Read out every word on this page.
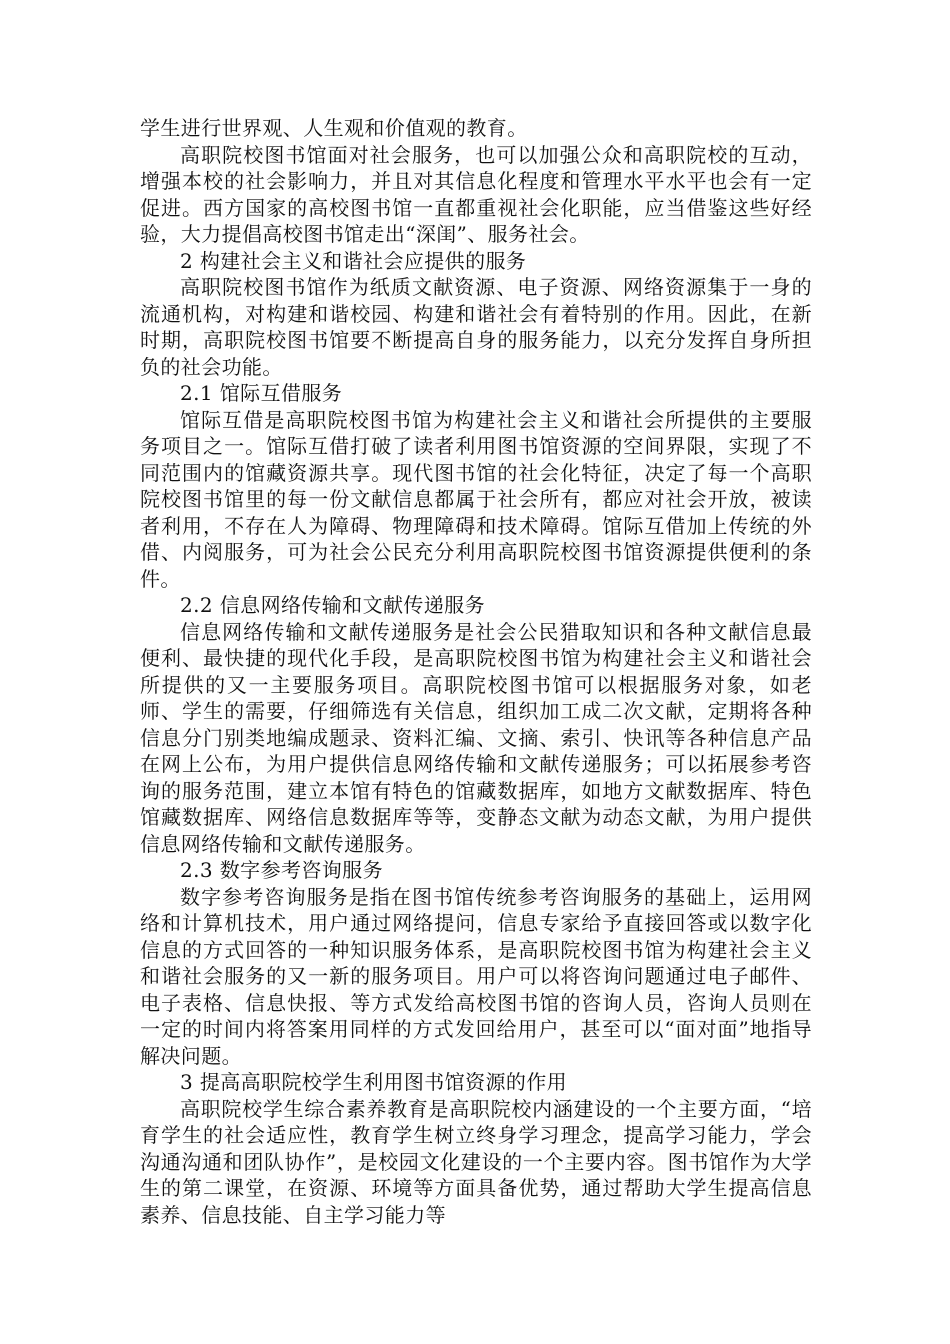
学生进行世界观、人生观和价值观的教育。

高职院校图书馆面对社会服务，也可以加强公众和高职院校的互动，增强本校的社会影响力，并且对其信息化程度和管理水平水平也会有一定促进。西方国家的高校图书馆一直都重视社会化职能，应当借鉴这些好经验，大力提倡高校图书馆走出“深闺”、服务社会。

2 构建社会主义和谐社会应提供的服务

高职院校图书馆作为纸质文献资源、电子资源、网络资源集于一身的流通机构，对构建和谐校园、构建和谐社会有着特别的作用。因此，在新时期，高职院校图书馆要不断提高自身的服务能力，以充分发挥自身所担负的社会功能。

2.1 馆际互借服务

馆际互借是高职院校图书馆为构建社会主义和谐社会所提供的主要服务项目之一。馆际互借打破了读者利用图书馆资源的空间界限，实现了不同范围内的馆藏资源共享。现代图书馆的社会化特征，决定了每一个高职院校图书馆里的每一份文献信息都属于社会所有，都应对社会开放，被读者利用，不存在人为障碍、物理障碍和技术障碍。馆际互借加上传统的外借、内阅服务，可为社会公民充分利用高职院校图书馆资源提供便利的条件。

2.2 信息网络传输和文献传递服务

信息网络传输和文献传递服务是社会公民猎取知识和各种文献信息最便利、最快捷的现代化手段，是高职院校图书馆为构建社会主义和谐社会所提供的又一主要服务项目。高职院校图书馆可以根据服务对象，如老师、学生的需要，仔细筛选有关信息，组织加工成二次文献，定期将各种信息分门别类地编成题录、资料汇编、文摘、索引、快讯等各种信息产品在网上公布，为用户提供信息网络传输和文献传递服务；可以拓展参考咨询的服务范围，建立本馆有特色的馆藏数据库，如地方文献数据库、特色馆藏数据库、网络信息数据库等等，变静态文献为动态文献，为用户提供信息网络传输和文献传递服务。

2.3 数字参考咨询服务

数字参考咨询服务是指在图书馆传统参考咨询服务的基础上，运用网络和计算机技术，用户通过网络提问，信息专家给予直接回答或以数字化信息的方式回答的一种知识服务体系，是高职院校图书馆为构建社会主义和谐社会服务的又一新的服务项目。用户可以将咨询问题通过电子邮件、电子表格、信息快报、等方式发给高校图书馆的咨询人员，咨询人员则在一定的时间内将答案用同样的方式发回给用户，甚至可以“面对面”地指导解决问题。

3 提高高职院校学生利用图书馆资源的作用

高职院校学生综合素养教育是高职院校内涵建设的一个主要方面，“培育学生的社会适应性，教育学生树立终身学习理念，提高学习能力，学会沟通沟通和团队协作”，是校园文化建设的一个主要内容。图书馆作为大学生的第二课堂，在资源、环境等方面具备优势，通过帮助大学生提高信息素养、信息技能、自主学习能力等
